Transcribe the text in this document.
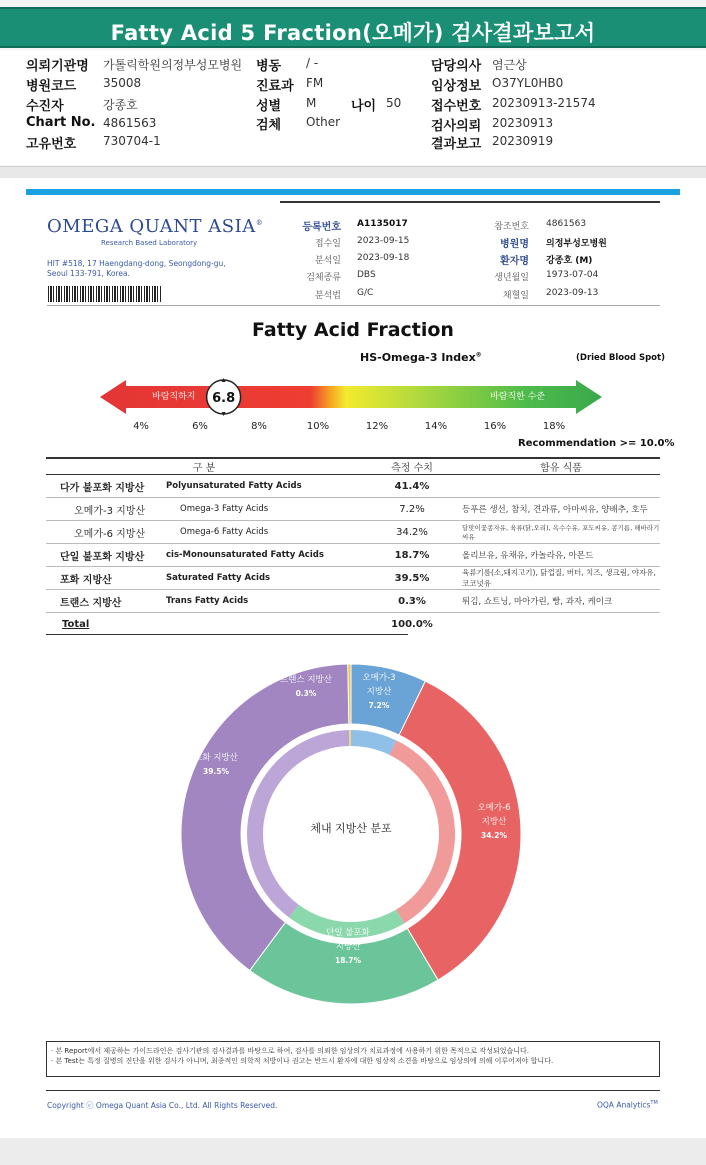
Fatty Acid 5 Fraction(오메가) 검사결과보고서
의뢰기관명 가톨릭학원의정부성모병원
병원코드 35008
수진자	강종호
Chart No. 4861563
고유번호 730704-1
병동 / -
진료과 FM
성별 M	나이 50
검체 Other
담당의사 염근상
임상정보 O37YL0HB0
접수번호 20230913-21574
검사의뢰 20230913
결과보고 20230919
OMEGA QUANT ASIA®
Research Based Laboratory
HIT #518, 17 Haengdang-dong, Seongdong-gu,
Seoul 133-791, Korea.
등록번호 A1135017
접수일 2023-09-15
분석일 2023-09-18
검체종류 DBS
분석법 G/C
참조번호 4861563
병원명 의정부성모병원
환자명 강종호 (M)
생년월일 1973-07-04
채혈일 2023-09-13
Fatty Acid Fraction
HS-Omega-3 Index®	(Dried Blood Spot)
바람직하지	바람직한 수준
6.8
4%	6%	8%	10%	12%	14%	16%	18%
Recommendation >= 10.0%
구 분		측정 수치	함유 식품
다가 불포화 지방산	Polyunsaturated Fatty Acids	41.4%	
오메가-3 지방산	Omega-3 Fatty Acids	7.2%	등푸른 생선, 참치, 견과류, 아마씨유, 양배추, 호두
오메가-6 지방산	Omega-6 Fatty Acids	34.2%	달맞이꽃종자유, 육류(닭,오리), 옥수수유, 포도씨유, 콩기름, 해바라기씨유
단일 불포화 지방산	cis-Monounsaturated Fatty Acids	18.7%	올리브유, 유채유, 카놀라유, 아몬드
포화 지방산	Saturated Fatty Acids	39.5%	육류기름(소,돼지고기), 닭껍질, 버터, 치즈, 생크림, 야자유, 코코넛유
트랜스 지방산	Trans Fatty Acids	0.3%	튀김, 쇼트닝, 마아가린, 빵, 과자, 케이크
Total		100.0%	
오메가-3
지방산
7.2%
오메가-6
지방산
34.2%
단일 불포화
지방산
18.7%
포화 지방산
39.5%
트랜스 지방산
0.3%
체내 지방산 분포

· 본 Report에서 제공하는 가이드라인은 검사기관의 검사결과를 바탕으로 하여, 검사를 의뢰한 임상의가 치료과정에 사용하기 위한 목적으로 작성되었습니다.

· 본 Test는 특정 질병의 진단을 위한 검사가 아니며, 최종적인 의학적 처방이나 권고는 반드시 환자에 대한 임상적 소견을 바탕으로 임상의에 의해 이루어져야 합니다.

Copyright ⓒ Omega Quant Asia Co., Ltd. All Rights Reserved.	OQA Analytics™
